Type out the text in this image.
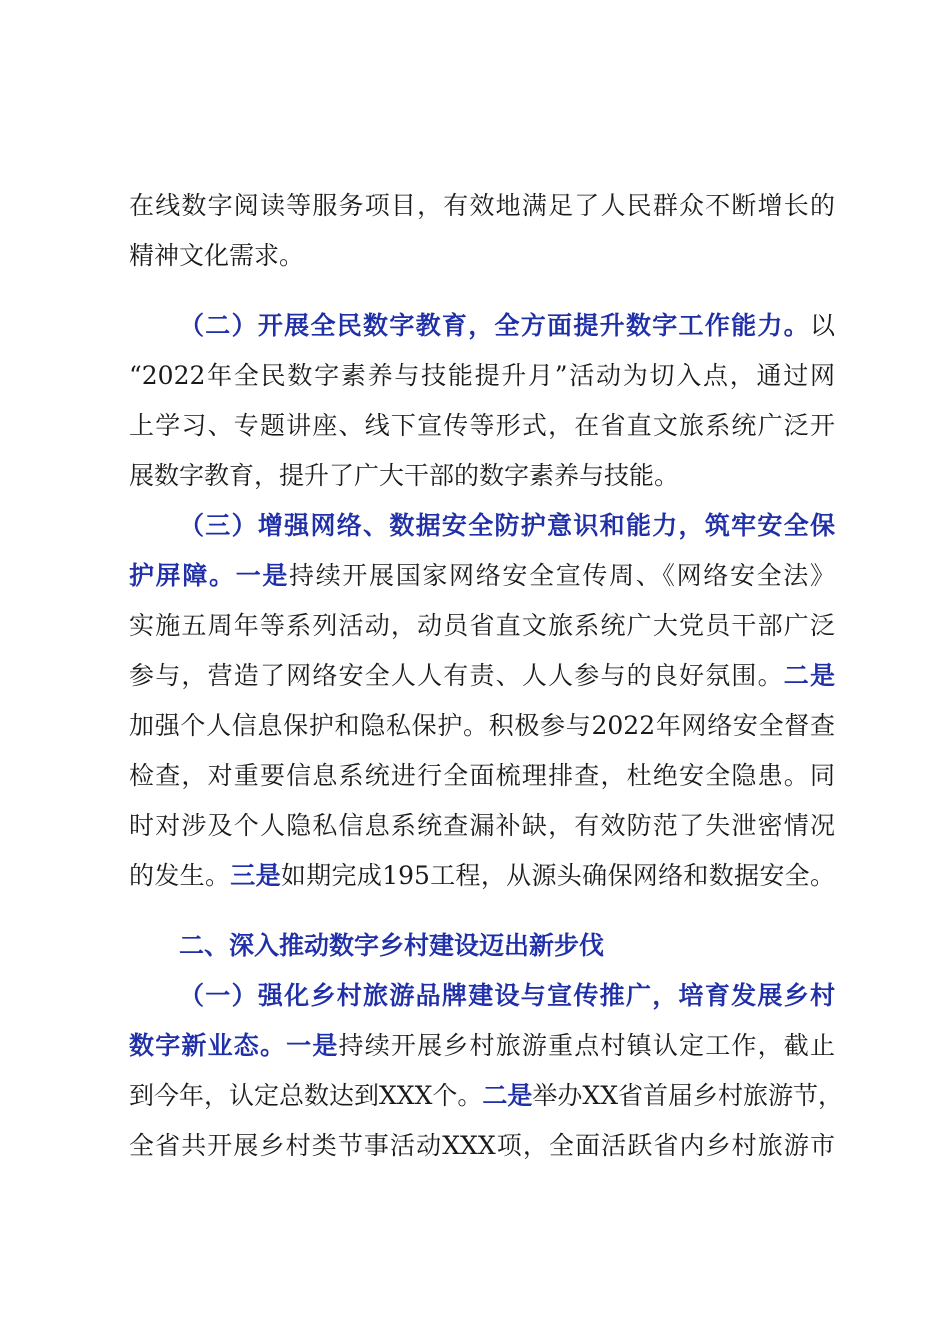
在线数字阅读等服务项目，有效地满足了人民群众不断增长的
精神文化需求。
（二）开展全民数字教育，全方面提升数字工作能力。以
“2022年全民数字素养与技能提升月”活动为切入点，通过网
上学习、专题讲座、线下宣传等形式，在省直文旅系统广泛开
展数字教育，提升了广大干部的数字素养与技能。
（三）增强网络、数据安全防护意识和能力，筑牢安全保
护屏障。一是持续开展国家网络安全宣传周、《网络安全法》
实施五周年等系列活动，动员省直文旅系统广大党员干部广泛
参与，营造了网络安全人人有责、人人参与的良好氛围。二是
加强个人信息保护和隐私保护。积极参与2022年网络安全督查
检查，对重要信息系统进行全面梳理排查，杜绝安全隐患。同
时对涉及个人隐私信息系统查漏补缺，有效防范了失泄密情况
的发生。三是如期完成195工程，从源头确保网络和数据安全。
二、深入推动数字乡村建设迈出新步伐
（一）强化乡村旅游品牌建设与宣传推广，培育发展乡村
数字新业态。一是持续开展乡村旅游重点村镇认定工作，截止
到今年，认定总数达到XXX个。二是举办XX省首届乡村旅游节，
全省共开展乡村类节事活动XXX项，全面活跃省内乡村旅游市
